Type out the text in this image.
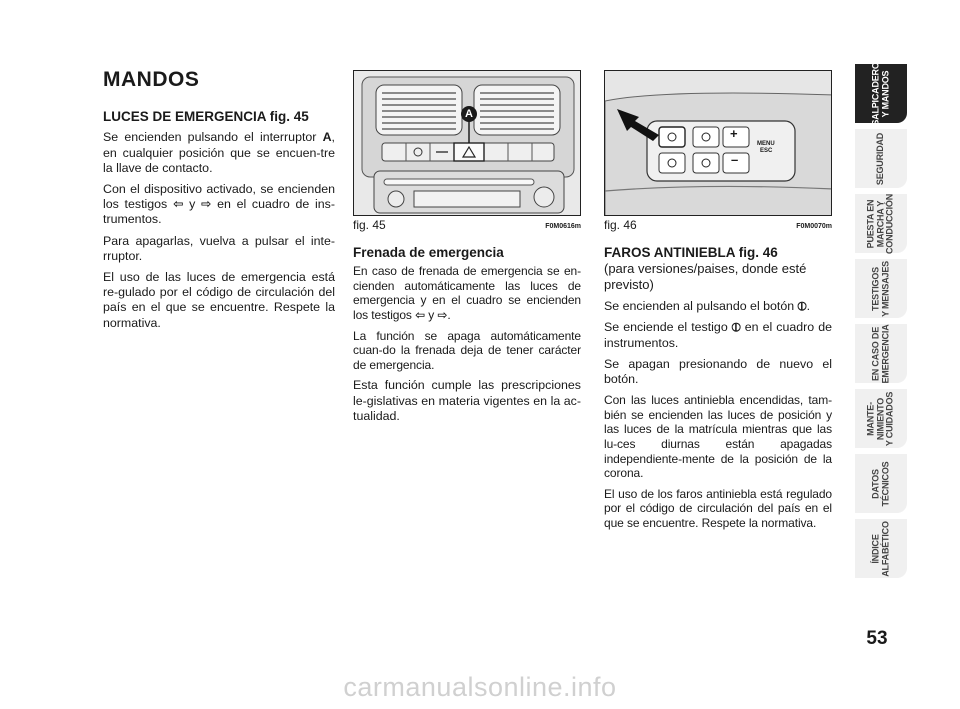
MANDOS
LUCES DE EMERGENCIA fig. 45

Se encienden pulsando el interruptor A, en cualquier posición que se encuen-tre la llave de contacto.

Con el dispositivo activado, se encienden los testigos ⇦ y ⇨ en el cuadro de ins-trumentos.

Para apagarlas, vuelva a pulsar el inte-rruptor.

El uso de las luces de emergencia está re-gulado por el código de circulación del país en el que se encuentre. Respete la normativa.

A
fig. 45	F0M0616m
Frenada de emergencia

En caso de frenada de emergencia se en-cienden automáticamente las luces de emergencia y en el cuadro se encienden los testigos ⇦ y ⇨.

La función se apaga automáticamente cuan-do la frenada deja de tener carácter de emergencia.

Esta función cumple las prescripciones le-gislativas en materia vigentes en la ac-tualidad.

+
–
MENU
ESC
fig. 46	F0M0070m
FAROS ANTINIEBLA fig. 46
(para versiones/paises, donde esté previsto)

Se encienden al pulsando el botón ⦶.

Se enciende el testigo ⦶ en el cuadro de instrumentos.

Se apagan presionando de nuevo el botón.

Con las luces antiniebla encendidas, tam-bién se encienden las luces de posición y las luces de la matrícula mientras que las lu-ces diurnas están apagadas independiente-mente de la posición de la corona.

El uso de los faros antiniebla está regulado por el código de circulación del país en el que se encuentre. Respete la normativa.

SALPICADERO
Y MANDOS
SEGURIDAD
PUESTA EN
MARCHA Y
CONDUCCIÓN
TESTIGOS
Y MENSAJES
EN CASO DE
EMERGENCIA
MANTE-
NIMIENTO
Y CUIDADOS
DATOS
TÉCNICOS
ÍNDICE
ALFABÉTICO
53
carmanualsonline.info
